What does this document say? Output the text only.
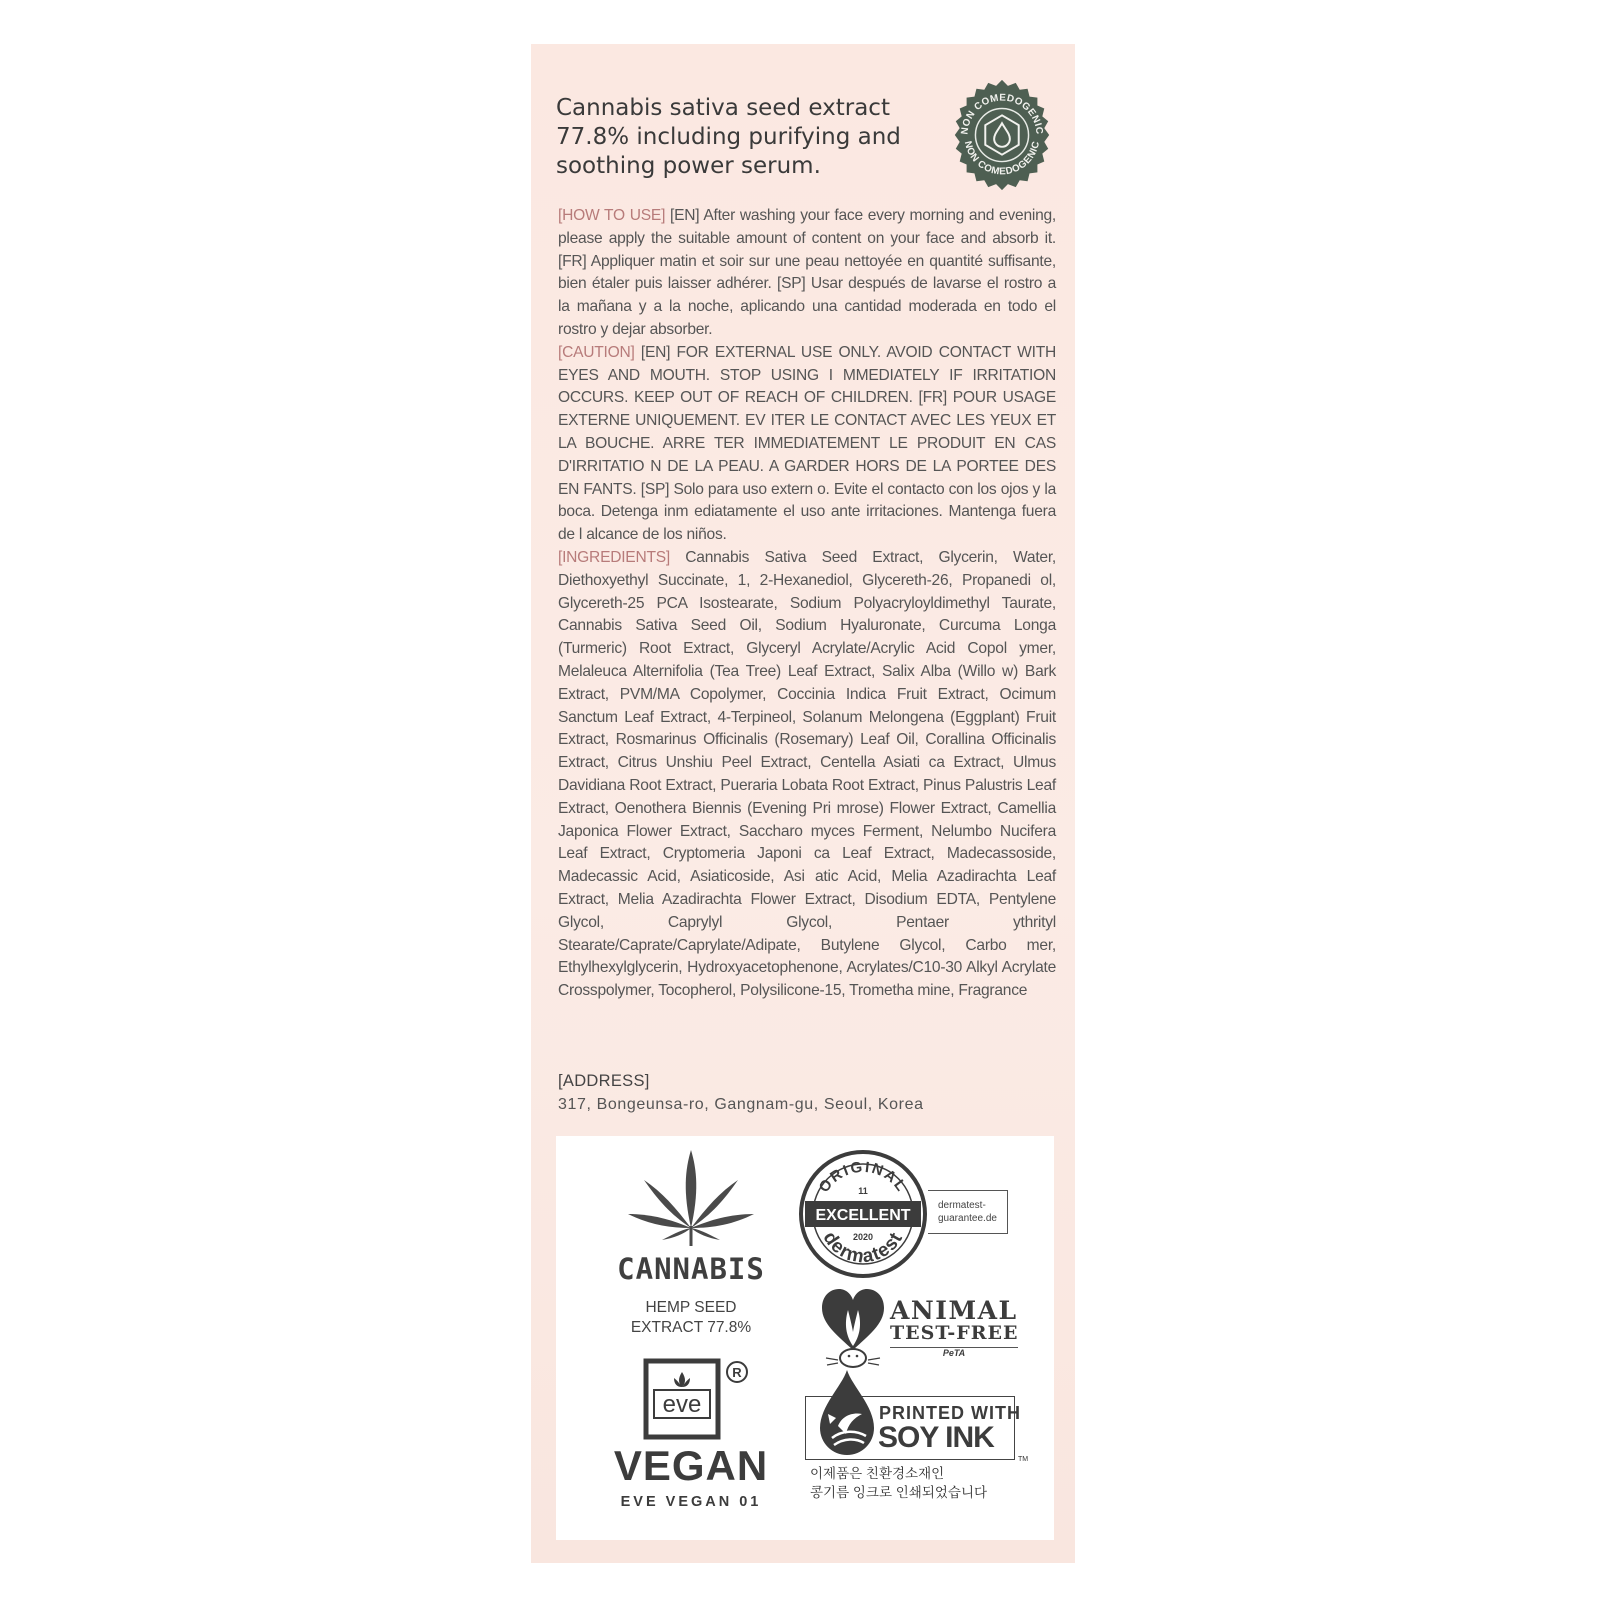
Cannabis sativa seed extract 77.8% including purifying and soothing power serum.
NON COMEDOGENIC
NON COMEDOGENIC
[HOW TO USE] [EN] After washing your face every morning and evening, please apply the suitable amount of content on your face and absorb it. [FR] Appliquer matin et soir sur une peau nettoyée en quantité suffisante, bien étaler puis laisser adhérer. [SP] Usar después de lavarse el rostro a la mañana y a la noche, aplicando una cantidad moderada en todo el rostro y dejar absorber.
[CAUTION] [EN] FOR EXTERNAL USE ONLY. AVOID CONTACT WITH EYES AND MOUTH. STOP USING I MMEDIATELY IF IRRITATION OCCURS. KEEP OUT OF REACH OF CHILDREN. [FR] POUR USAGE EXTERNE UNIQUEMENT. EV ITER LE CONTACT AVEC LES YEUX ET LA BOUCHE. ARRE TER IMMEDIATEMENT LE PRODUIT EN CAS D'IRRITATIO N DE LA PEAU. A GARDER HORS DE LA PORTEE DES EN FANTS. [SP] Solo para uso extern o. Evite el contacto con los ojos y la boca. Detenga inm ediatamente el uso ante irritaciones. Mantenga fuera de l alcance de los niños.
[INGREDIENTS] Cannabis Sativa Seed Extract, Glycerin, Water, Diethoxyethyl Succinate, 1, 2-Hexanediol, Glycereth-26, Propanedi ol, Glycereth-25 PCA Isostearate, Sodium Polyacryloyldimethyl Taurate, Cannabis Sativa Seed Oil, Sodium Hyaluronate, Curcuma Longa (Turmeric) Root Extract, Glyceryl Acrylate/Acrylic Acid Copol ymer, Melaleuca Alternifolia (Tea Tree) Leaf Extract, Salix Alba (Willo w) Bark Extract, PVM/MA Copolymer, Coccinia Indica Fruit Extract, Ocimum Sanctum Leaf Extract, 4-Terpineol, Solanum Melongena (Eggplant) Fruit Extract, Rosmarinus Officinalis (Rosemary) Leaf Oil, Corallina Officinalis Extract, Citrus Unshiu Peel Extract, Centella Asiati ca Extract, Ulmus Davidiana Root Extract, Pueraria Lobata Root Extract, Pinus Palustris Leaf Extract, Oenothera Biennis (Evening Pri mrose) Flower Extract, Camellia Japonica Flower Extract, Saccharo myces Ferment, Nelumbo Nucifera Leaf Extract, Cryptomeria Japoni ca Leaf Extract, Madecassoside, Madecassic Acid, Asiaticoside, Asi atic Acid, Melia Azadirachta Leaf Extract, Melia Azadirachta Flower Extract, Disodium EDTA, Pentylene Glycol, Caprylyl Glycol, Pentaer ythrityl Stearate/Caprate/Caprylate/Adipate, Butylene Glycol, Carbo mer, Ethylhexylglycerin, Hydroxyacetophenone, Acrylates/C10-30 Alkyl Acrylate Crosspolymer, Tocopherol, Polysilicone-15, Trometha mine, Fragrance
[ADDRESS]
317, Bongeunsa-ro, Gangnam-gu, Seoul, Korea
CANNABIS
HEMP SEED
EXTRACT 77.8%
eve
R
VEGAN
EVE VEGAN 01
ORIGINAL
dermatest
11
EXCELLENT
2020
dermatest-
guarantee.de
ANIMAL
TEST-FREE
PeTA
PRINTED WITH
SOY INK
TM
이제품은 친환경소재인
콩기름 잉크로 인쇄되었습니다
